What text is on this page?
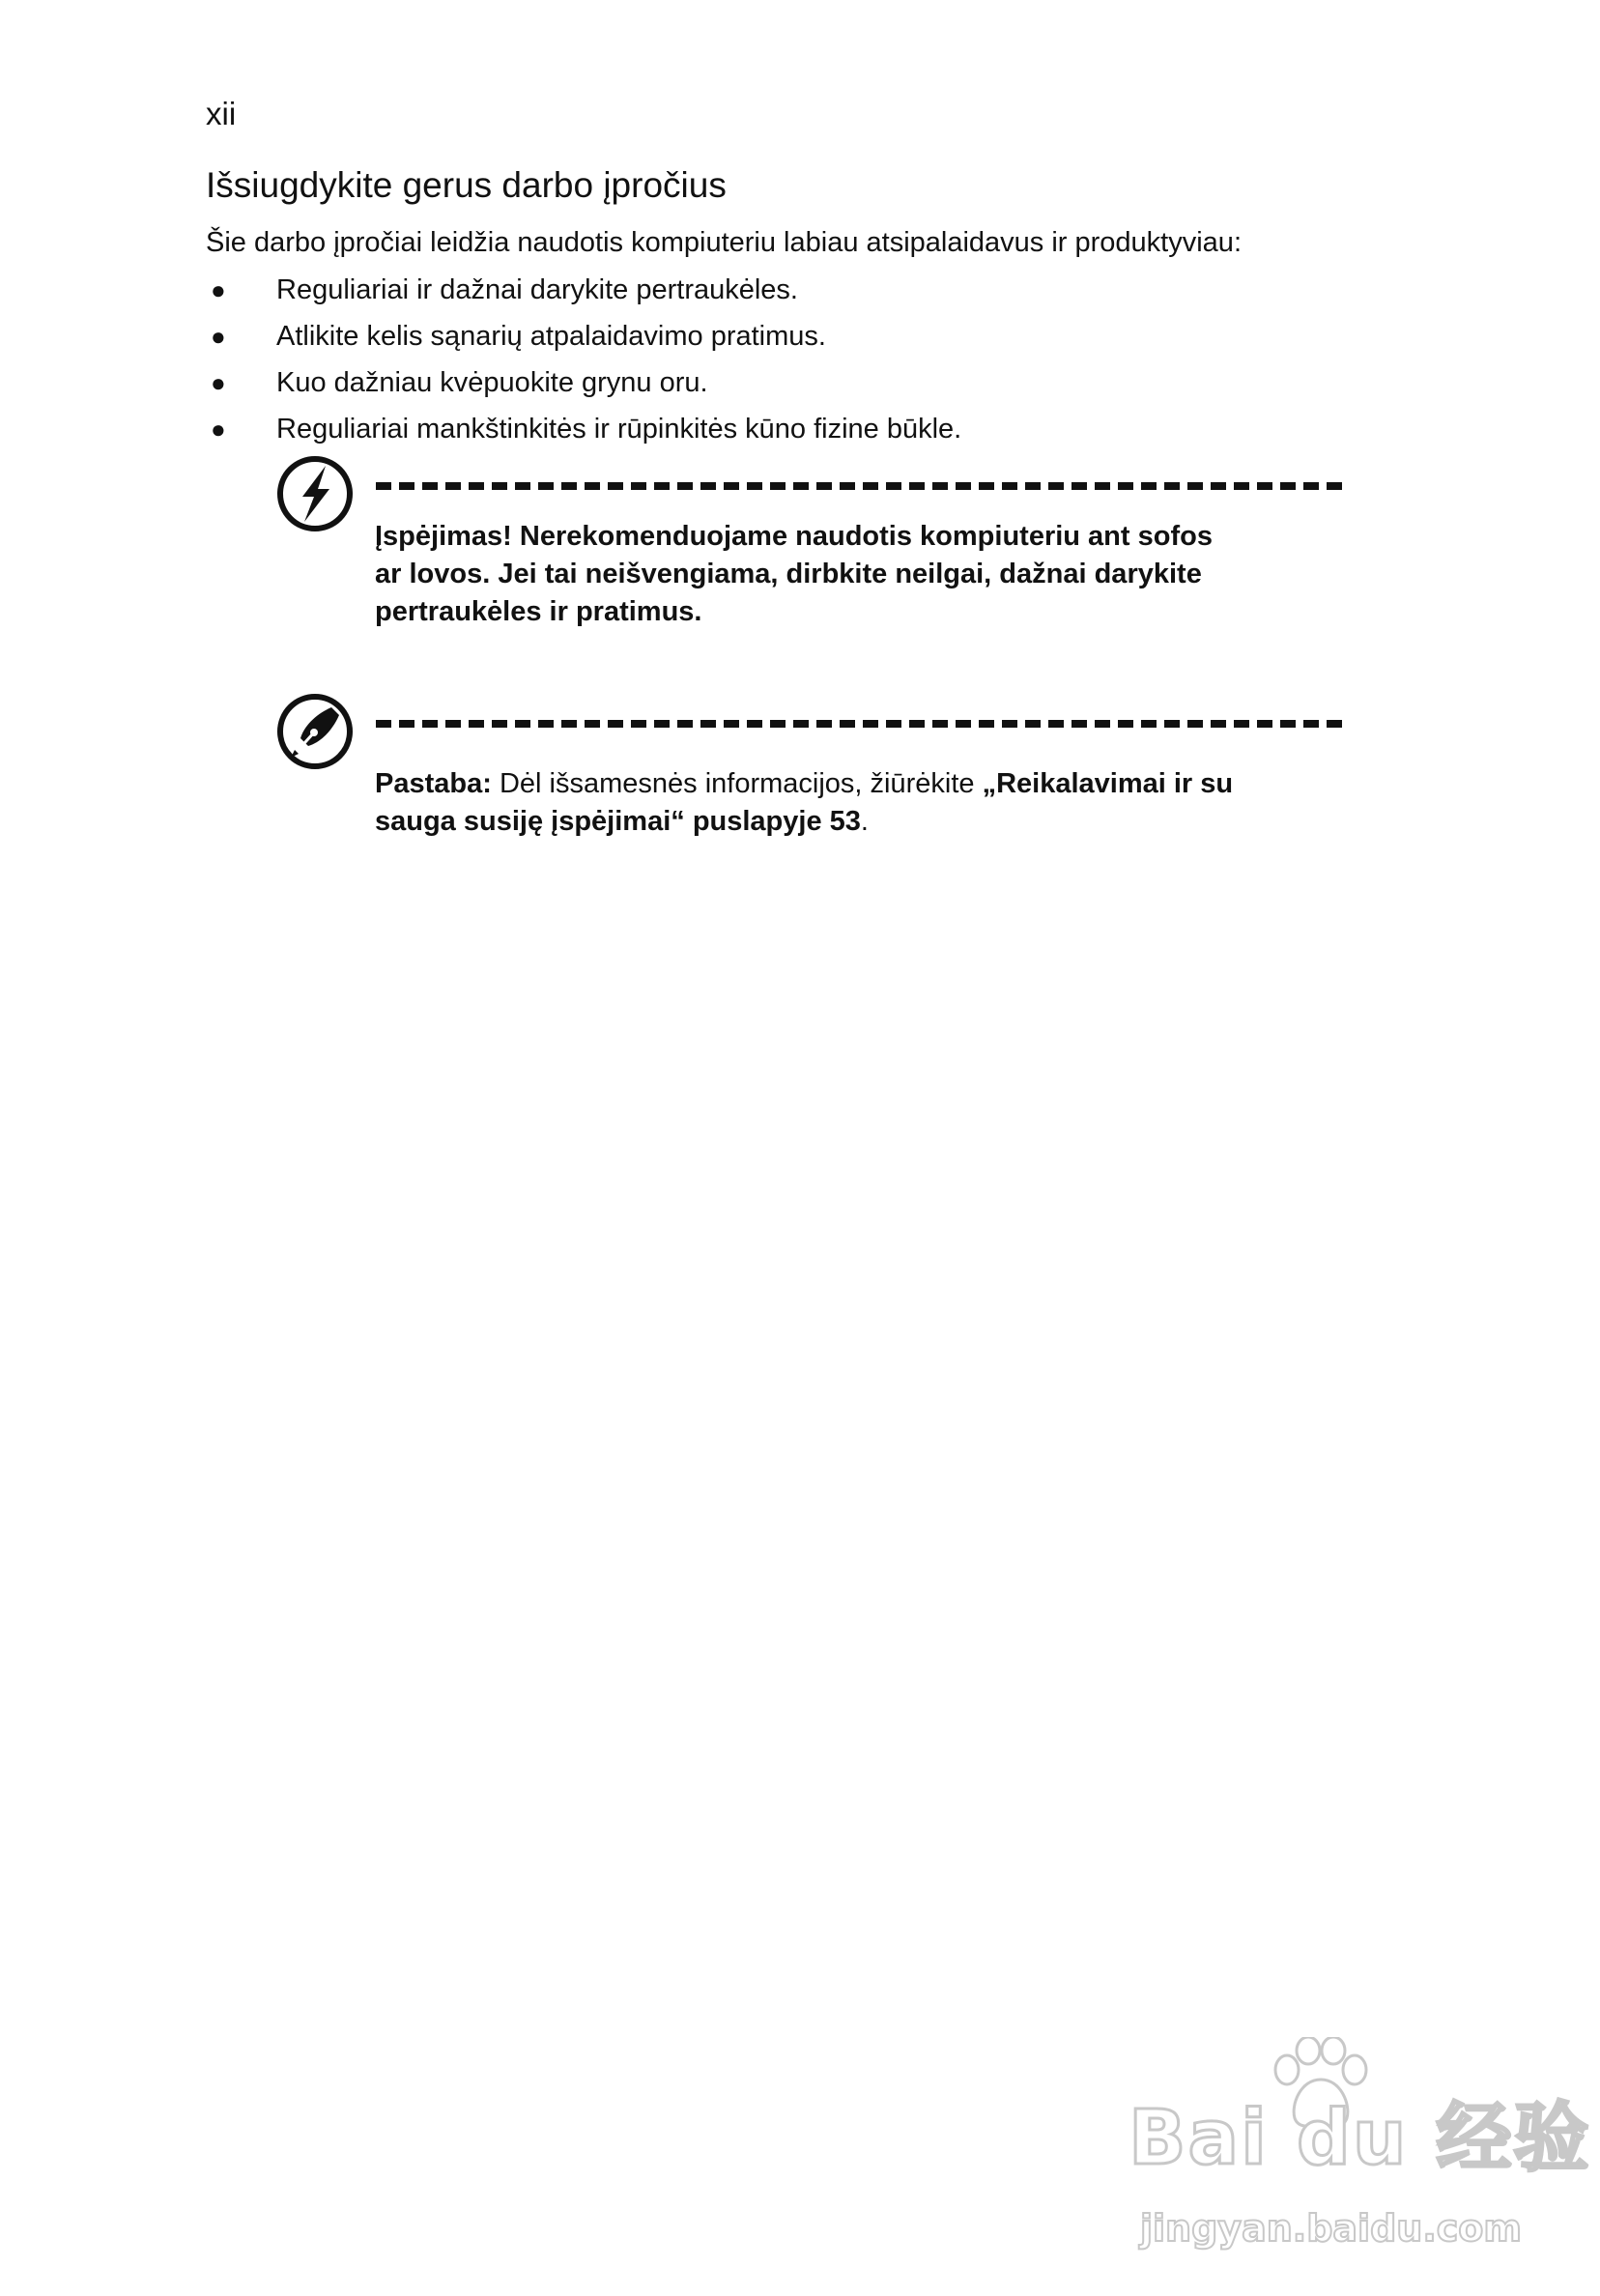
xii
Išsiugdykite gerus darbo įpročius
Šie darbo įpročiai leidžia naudotis kompiuteriu labiau atsipalaidavus ir produktyviau:
● Reguliariai ir dažnai darykite pertraukėles.
● Atlikite kelis sąnarių atpalaidavimo pratimus.
● Kuo dažniau kvėpuokite grynu oru.
● Reguliariai mankštinkitės ir rūpinkitės kūno fizine būkle.
Įspėjimas! Nerekomenduojame naudotis kompiuteriu ant sofos
ar lovos. Jei tai neišvengiama, dirbkite neilgai, dažnai darykite
pertraukėles ir pratimus.
Pastaba: Dėl išsamesnės informacijos, žiūrėkite „Reikalavimai ir su
sauga susiję įspėjimai“ puslapyje 53.
Bai du 经验
jingyan.baidu.com
